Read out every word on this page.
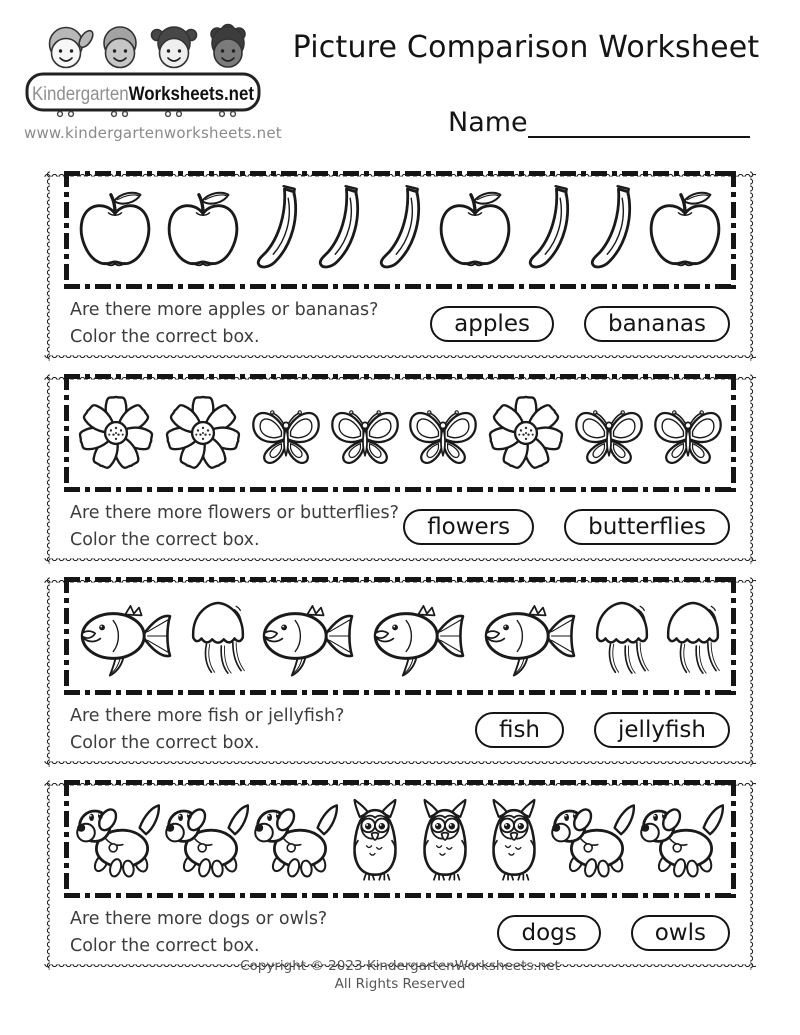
KindergartenWorksheets.net
www.kindergartenworksheets.net
Picture Comparison Worksheet
Name
Are there more apples or bananas?
Color the correct box.	apples	bananas
Are there more flowers or butterflies?
Color the correct box.	flowers	butterflies
Are there more fish or jellyfish?
Color the correct box.	fish	jellyfish
Are there more dogs or owls?
Color the correct box.	dogs	owls
Copyright © 2023 KindergartenWorksheets.net
All Rights Reserved
